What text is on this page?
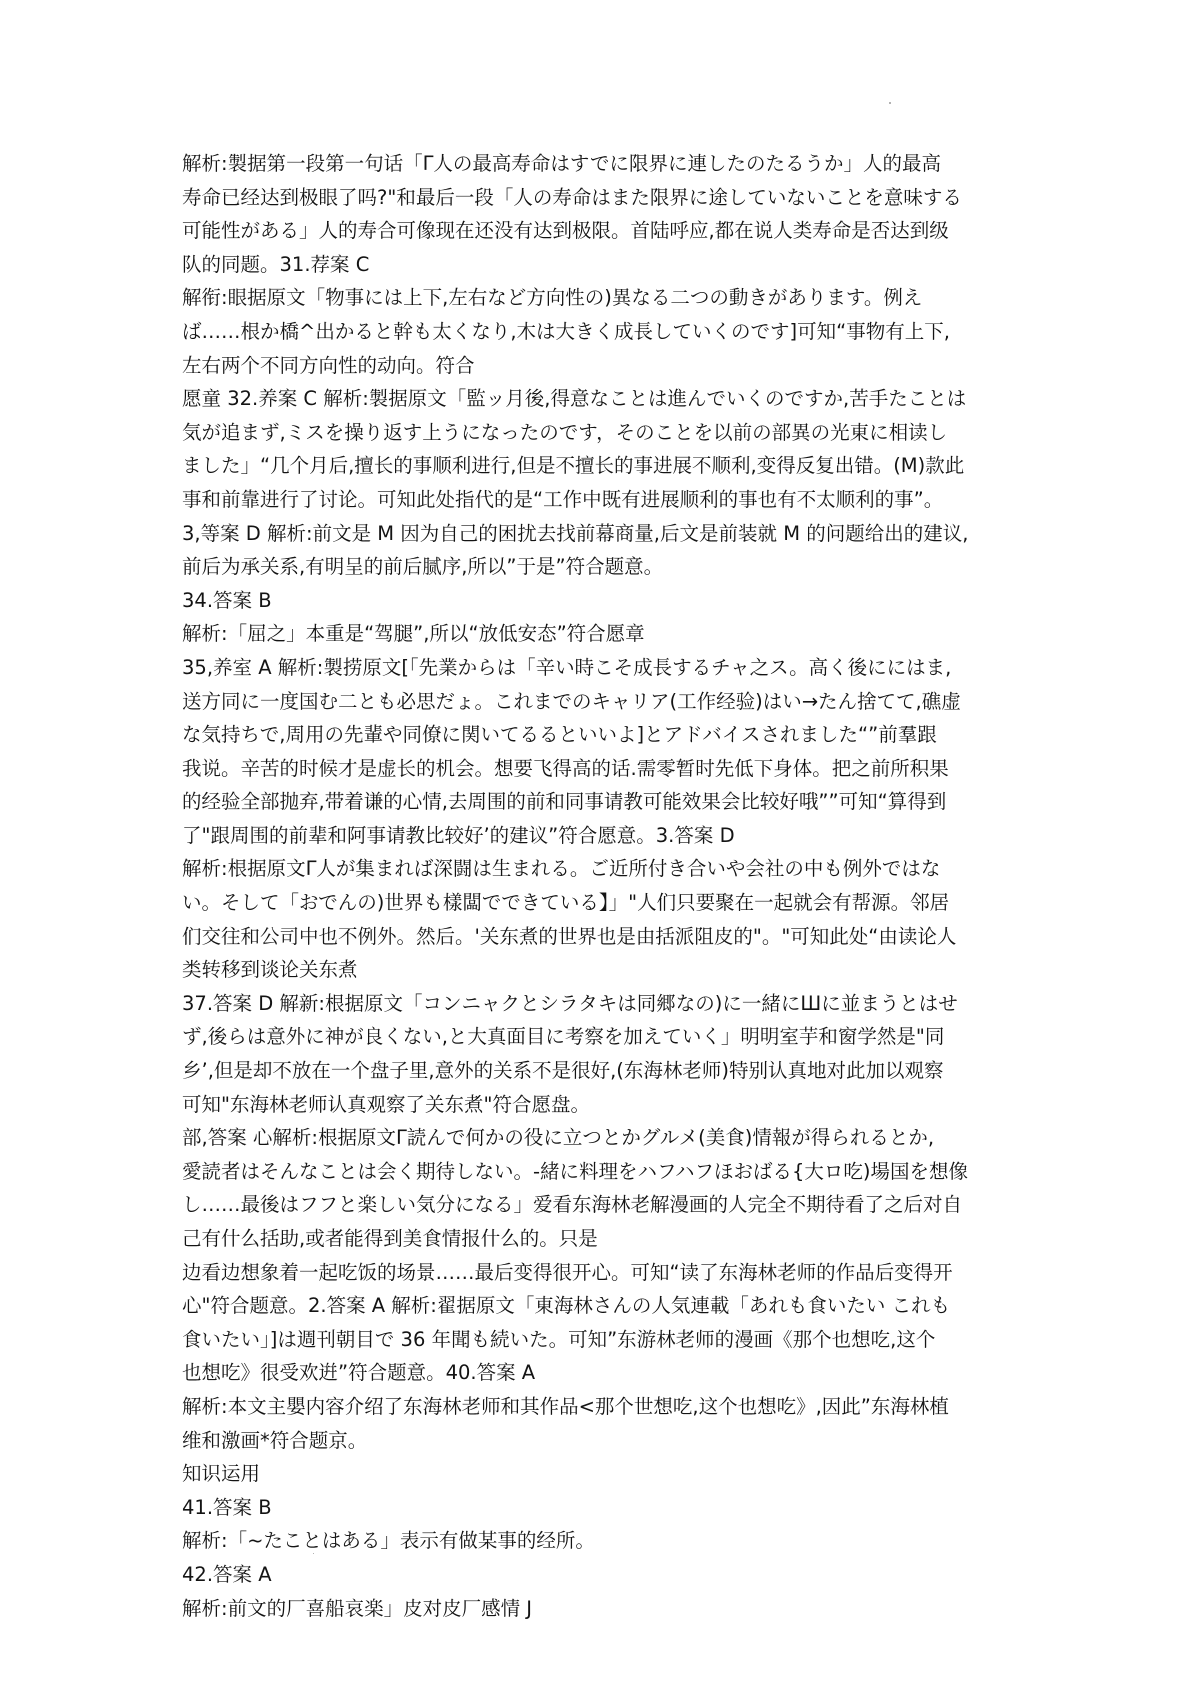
解析:製据第一段第一句话「Γ人の最高寿命はすでに限界に連したのたるうか」人的最高
寿命已经达到极眼了吗?"和最后一段「人の寿命はまた限界に途していないことを意味する
可能性がある」人的寿合可像现在还没有达到极限。首陆呼应,都在说人类寿命是否达到级
队的同题。31.荐案 C
解衔:眼据原文「物事には上下,左右など方向性の)異なる二つの動きがあります。例え
ば……根か橋^出かると幹も太くなり,木は大きく成長していくのです]可知“事物有上下,
左右两个不同方向性的动向。符合
愿童 32.养案 C 解析:製据原文「監ッ月後,得意なことは進んでいくのですか,苦手たことは
気が追まず,ミスを操り返す上うになったのです，そのことを以前の部異の光東に相读し
ました」“几个月后,擅长的事顺利进行,但是不擅长的事进展不顺利,变得反复出错。(M)款此
事和前靠进行了讨论。可知此处指代的是“工作中既有进展顺利的事也有不太顺利的事”。
3,等案 D 解析:前文是 M 因为自己的困扰去找前幕商量,后文是前装就 M 的问题给出的建议,
前后为承关系,有明呈的前后腻序,所以”于是”符合题意。
34.答案 B
解析:「屈之」本重是“驾腿”,所以“放低安态”符合愿章
35,养室 A 解析:製捞原文[「先業からは「辛い時こそ成長するチャ之ス。高く後ににはま,
送方同に一度国む二とも必思だょ。これまでのキャリア(工作经验)はい→たん捨てて,礁虚
な気持ちで,周用の先輩や同僚に関いてるるといいよ]とアドバイスされました“”前羣跟
我说。辛苦的时候才是虚长的机会。想要飞得高的话.需零暂时先低下身体。把之前所积果
的经验全部抛弃,带着谦的心情,去周围的前和同事请教可能效果会比较好哦””可知“算得到
了"跟周围的前辈和阿事请教比较好’的建议”符合愿意。3.答案 D
解析:根据原文Γ人が集まれば深闘は生まれる。ご近所付き合いや会社の中も例外ではな
い。そして「おでんの)世界も樣闆でできている】」"人们只要聚在一起就会有帮源。邻居
们交往和公司中也不例外。然后。'关东煮的世界也是由括派阻皮的"。"可知此处“由读论人
类转移到谈论关东煮
37.答案 D 解新:根据原文「コンニャクとシラタキは同郷なの)に一緒にШに並まうとはせ
ず,後らは意外に神が良くない,と大真面目に考察を加えていく」明明室芋和窗学然是"同
乡’,但是却不放在一个盘子里,意外的关系不是很好,(东海林老师)特别认真地对此加以观察
可知"东海林老师认真观察了关东煮"符合愿盘。
部,答案 心解析:根据原文Γ読んで何かの役に立つとかグルメ(美食)情報が得られるとか,
愛読者はそんなことは会く期待しない。-緒に料理をハフハフほおばる{大ロ吃)場国を想像
し……最後はフフと楽しい気分になる」爱看东海林老解漫画的人完全不期待看了之后对自
己有什么括助,或者能得到美食情报什么的。只是
边看边想象着一起吃饭的场景……最后变得很开心。可知“读了东海林老师的作品后变得开
心"符合题意。2.答案 A 解析:翟据原文「東海林さんの人気連載「あれも食いたい これも
食いたい」]は週刊朝目で 36 年聞も続いた。可知”东游林老师的漫画《那个也想吃,这个
也想吃》很受欢逬”符合题意。40.答案 A
解析:本文主嬰内容介绍了东海林老师和其作品<那个世想吃,这个也想吃》,因此”东海林植
维和激画*符合题京。
知识运用
41.答案 B
解析:「~たことはある」表示有做某事的经所。
42.答案 A
解析:前文的厂喜船哀楽」皮对皮厂感情 J
